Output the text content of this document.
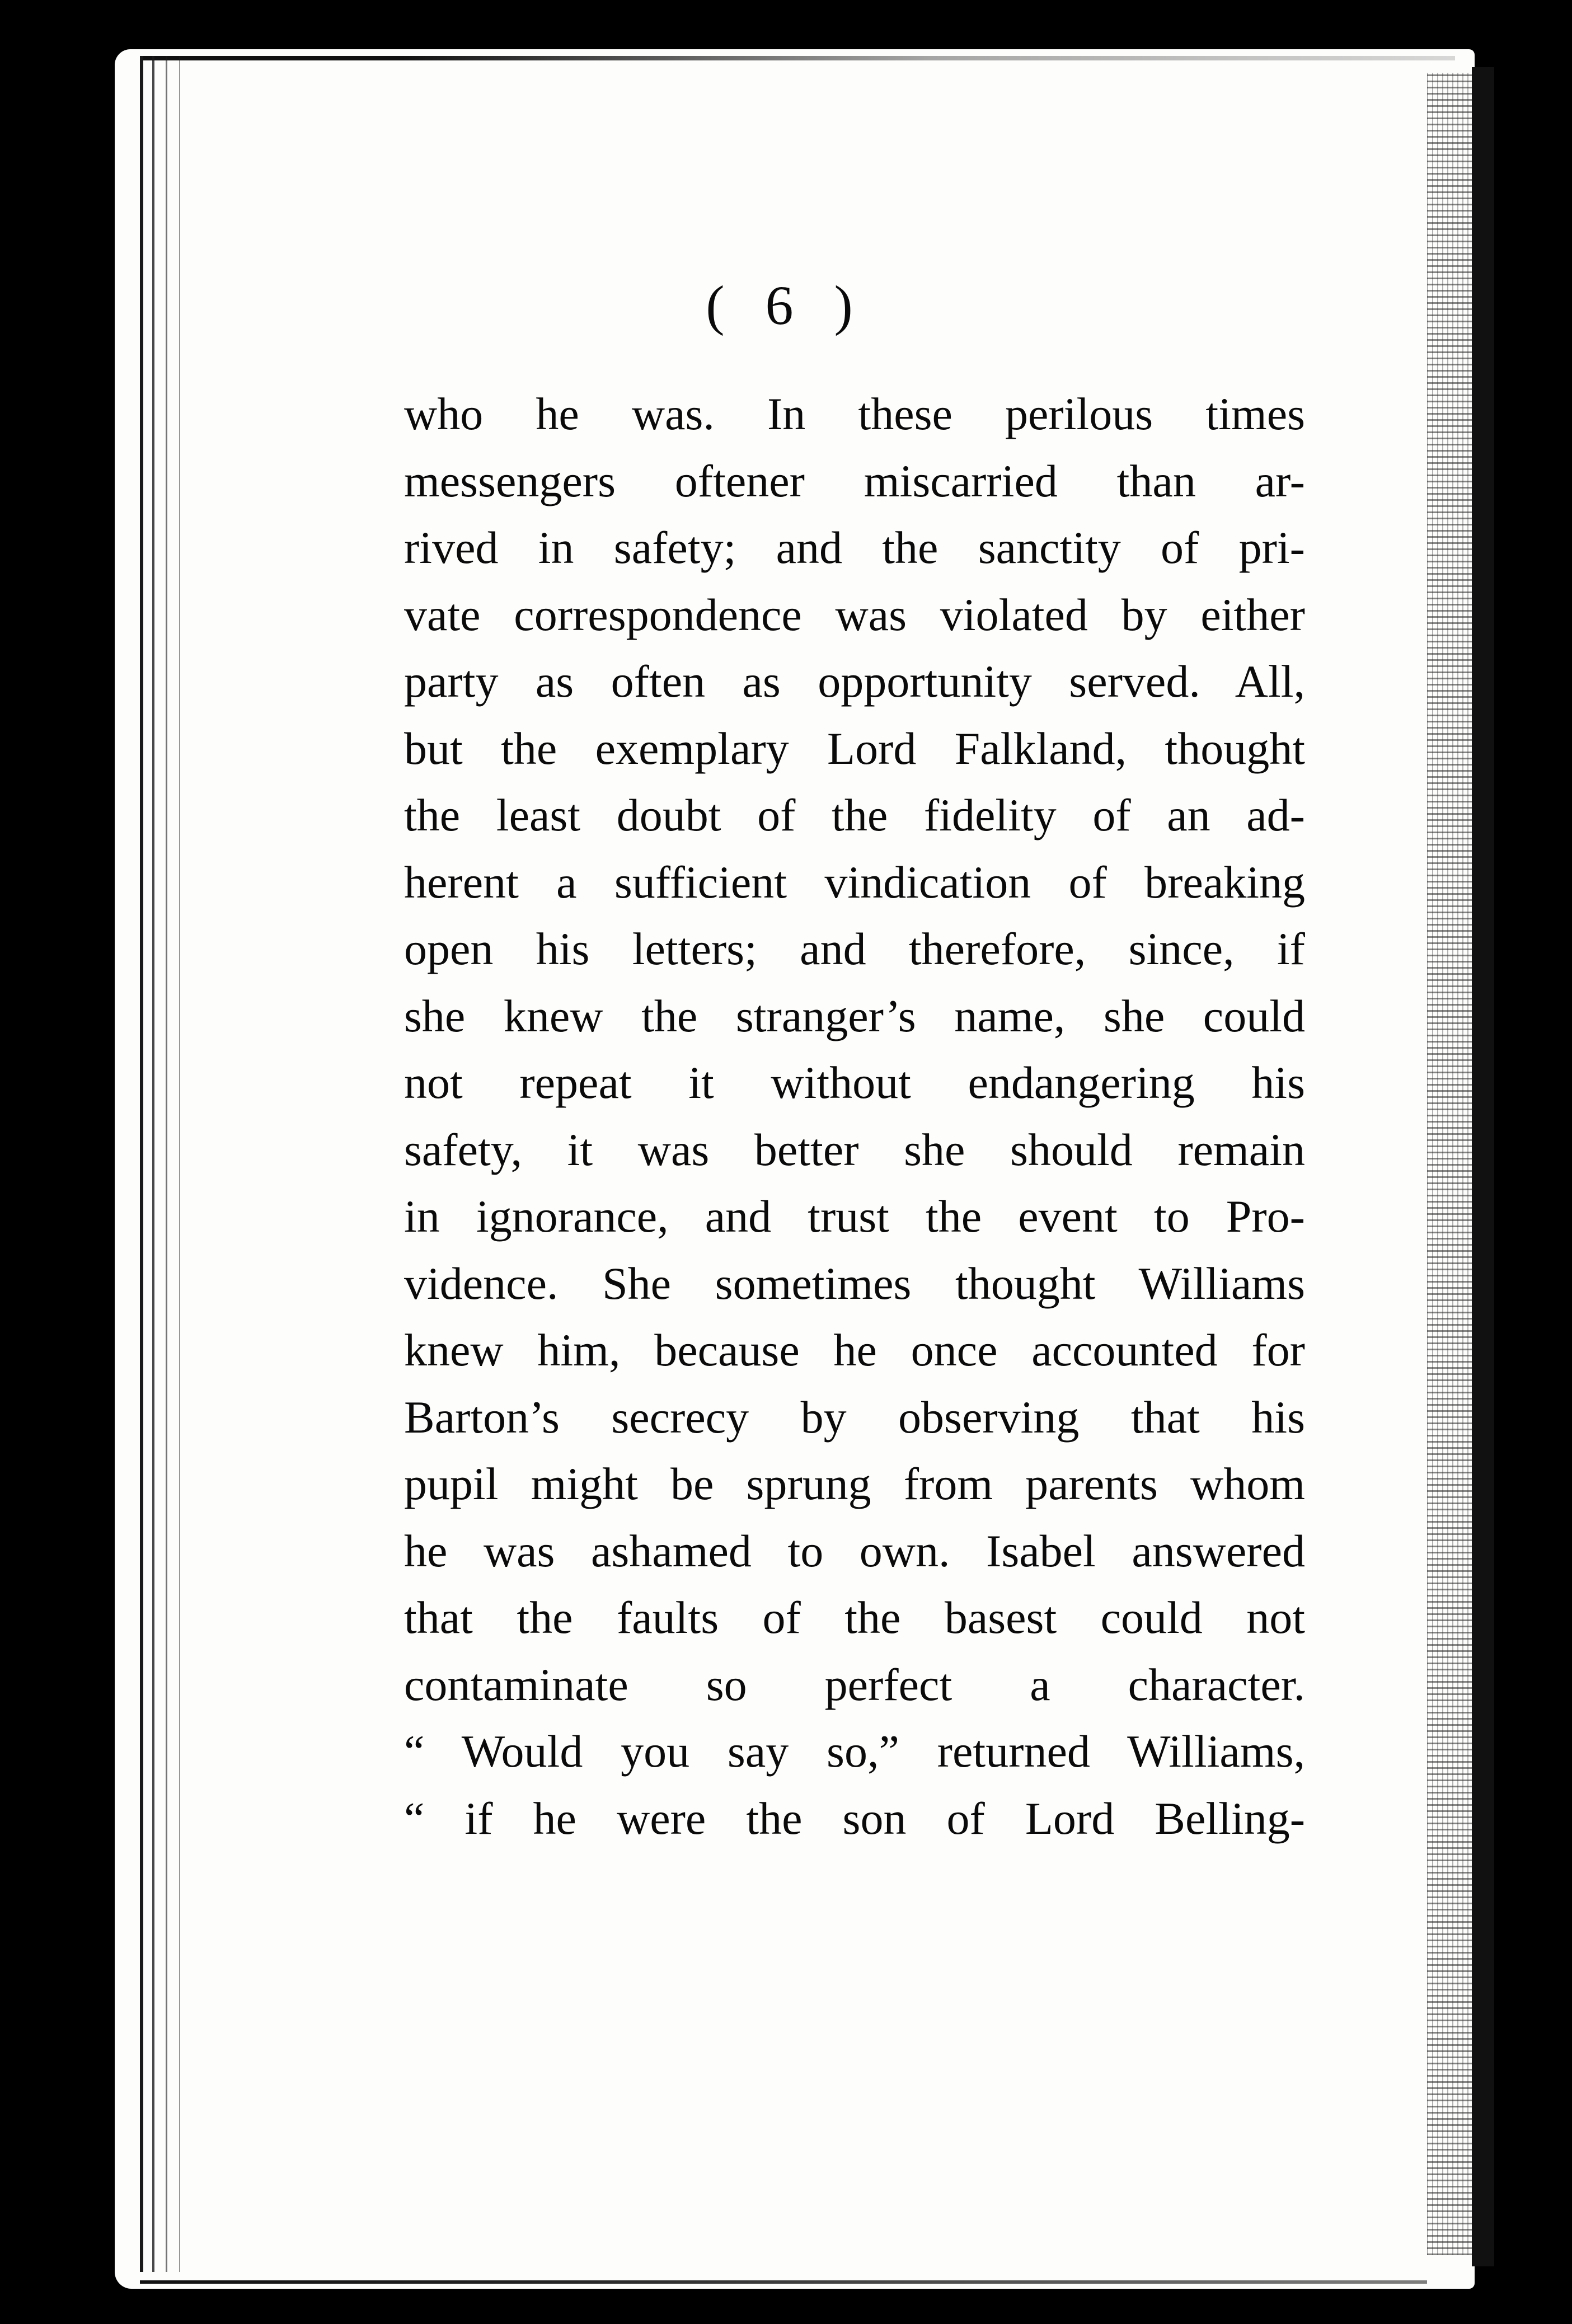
( 6 )
who he was. In these perilous times
messengers oftener miscarried than ar-
rived in safety; and the sanctity of pri-
vate correspondence was violated by either
party as often as opportunity served. All,
but the exemplary Lord Falkland, thought
the least doubt of the fidelity of an ad-
herent a sufficient vindication of breaking
open his letters; and therefore, since, if
she knew the stranger’s name, she could
not repeat it without endangering his
safety, it was better she should remain
in ignorance, and trust the event to Pro-
vidence. She sometimes thought Williams
knew him, because he once accounted for
Barton’s secrecy by observing that his
pupil might be sprung from parents whom
he was ashamed to own. Isabel answered
that the faults of the basest could not
contaminate so perfect a character.
“ Would you say so,” returned Williams,
“ if he were the son of Lord Belling-
